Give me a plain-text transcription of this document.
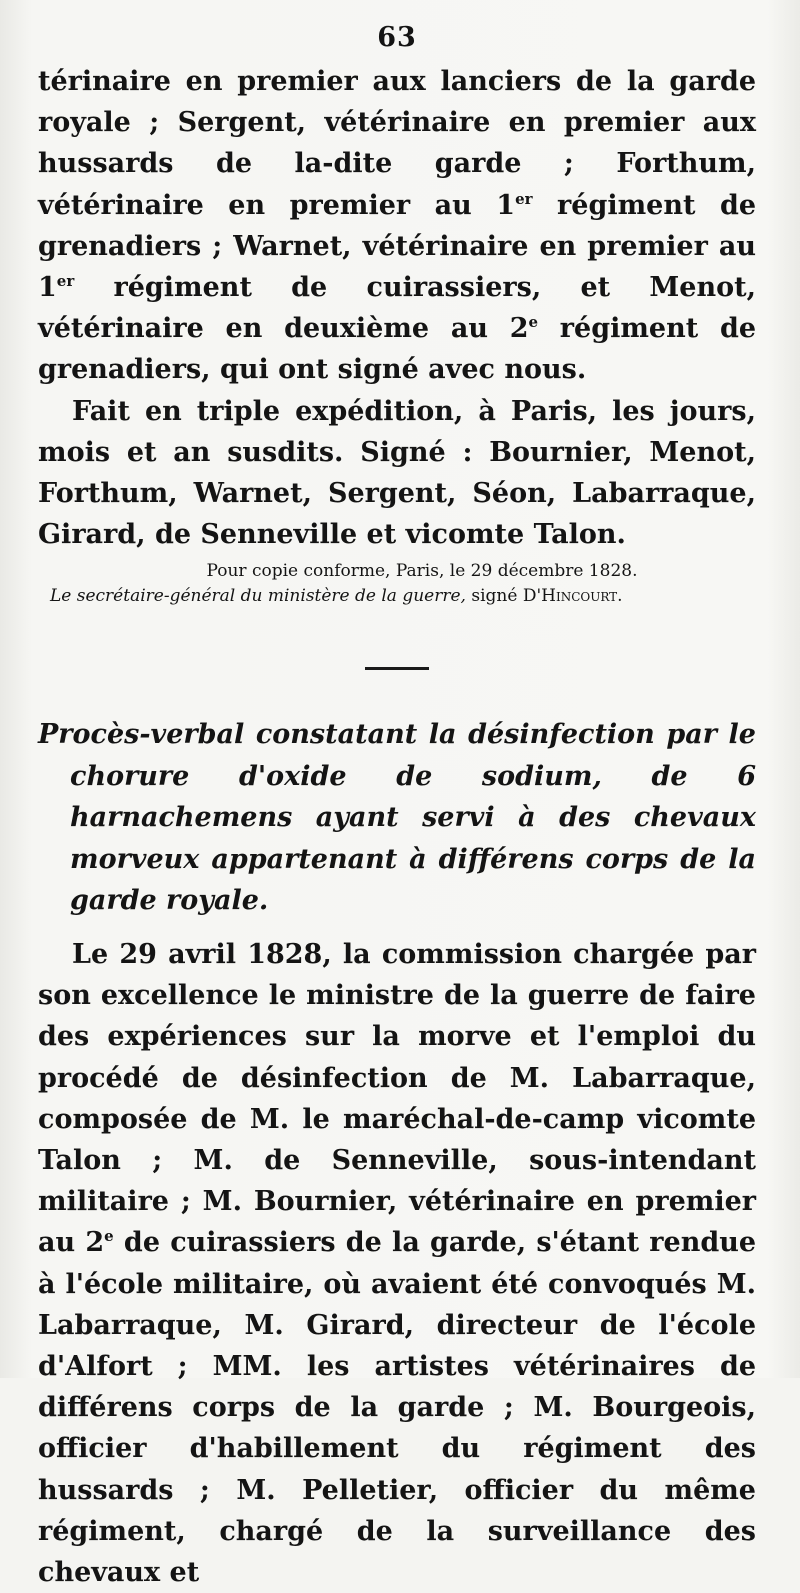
63

térinaire en premier aux lanciers de la garde royale ; Sergent, vétérinaire en premier aux hussards de la-dite garde ; Forthum, vétérinaire en premier au 1er régiment de grenadiers ; Warnet, vétérinaire en premier au 1er régiment de cuirassiers, et Menot, vétérinaire en deuxième au 2e régiment de grenadiers, qui ont signé avec nous.

Fait en triple expédition, à Paris, les jours, mois et an susdits. Signé : Bournier, Menot, Forthum, Warnet, Sergent, Séon, Labarraque, Girard, de Senneville et vicomte Talon.

Pour copie conforme, Paris, le 29 décembre 1828.
Le secrétaire-général du ministère de la guerre, signé D'Hincourt.

Procès-verbal constatant la désinfection par le chorure d'oxide de sodium, de 6 harnachemens ayant servi à des chevaux morveux appartenant à différens corps de la garde royale.

Le 29 avril 1828, la commission chargée par son excellence le ministre de la guerre de faire des expériences sur la morve et l'emploi du procédé de désinfection de M. Labarraque, composée de M. le maréchal-de-camp vicomte Talon ; M. de Senneville, sous-intendant militaire ; M. Bournier, vétérinaire en premier au 2e de cuirassiers de la garde, s'étant rendue à l'école militaire, où avaient été convoqués M. Labarraque, M. Girard, directeur de l'école d'Alfort ; MM. les artistes vétérinaires de différens corps de la garde ; M. Bourgeois, officier d'habillement du régiment des hussards ; M. Pelletier, officier du même régiment, chargé de la surveillance des chevaux et
